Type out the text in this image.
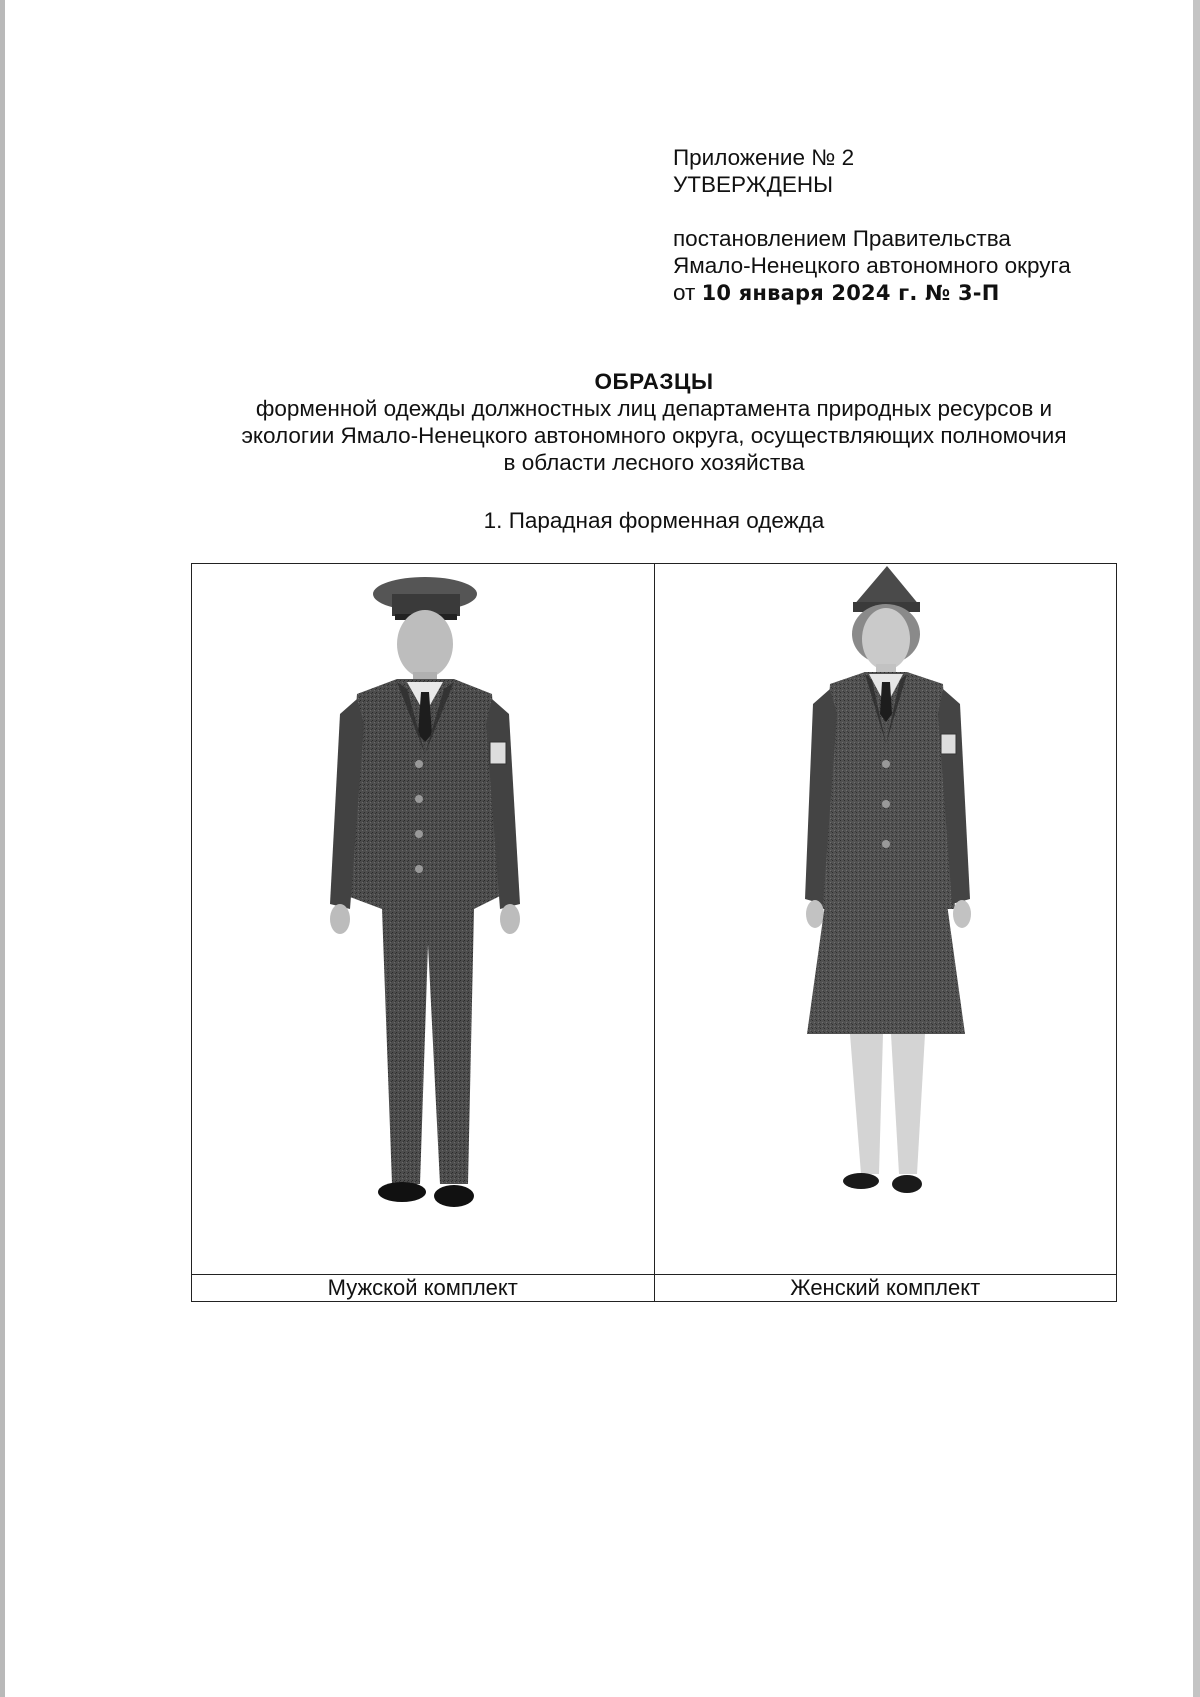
Приложение № 2
УТВЕРЖДЕНЫ
постановлением Правительства
Ямало-Ненецкого автономного округа
от 10 января 2024 г. № 3-П
ОБРАЗЦЫ
форменной одежды должностных лиц департамента природных ресурсов и
экологии Ямало-Ненецкого автономного округа, осуществляющих полномочия
в области лесного хозяйства
1. Парадная форменная одежда

Мужской комплект	Женский комплект
